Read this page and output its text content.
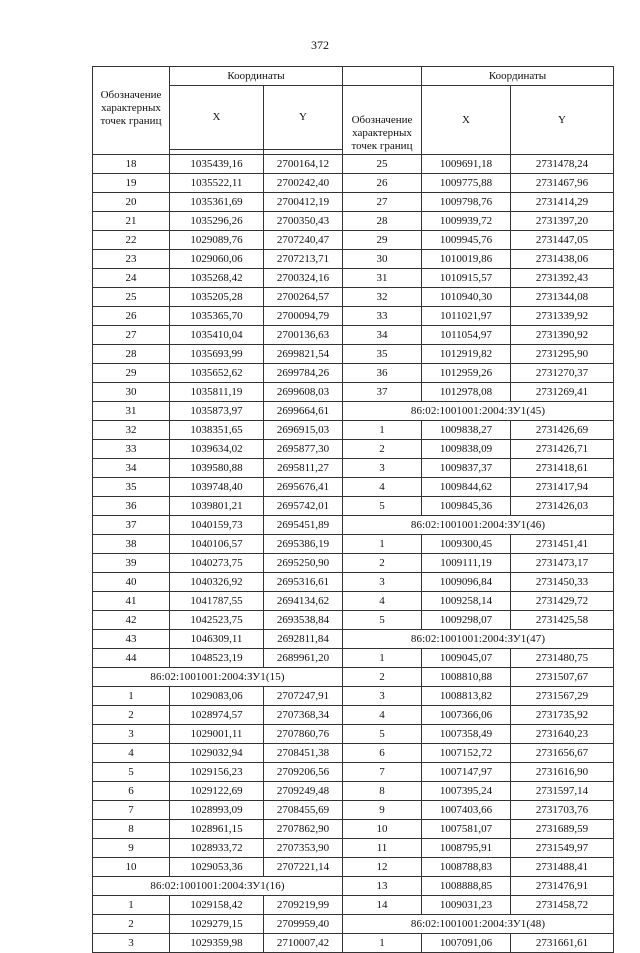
372
Обозначение
характерных
точек границ	Координаты			Координаты	
	X	Y	Обозначение
характерных
точек границ	X	Y

18	1035439,16	2700164,12	25	1009691,18	2731478,24
19	1035522,11	2700242,40	26	1009775,88	2731467,96
20	1035361,69	2700412,19	27	1009798,76	2731414,29
21	1035296,26	2700350,43	28	1009939,72	2731397,20
22	1029089,76	2707240,47	29	1009945,76	2731447,05
23	1029060,06	2707213,71	30	1010019,86	2731438,06
24	1035268,42	2700324,16	31	1010915,57	2731392,43
25	1035205,28	2700264,57	32	1010940,30	2731344,08
26	1035365,70	2700094,79	33	1011021,97	2731339,92
27	1035410,04	2700136,63	34	1011054,97	2731390,92
28	1035693,99	2699821,54	35	1012919,82	2731295,90
29	1035652,62	2699784,26	36	1012959,26	2731270,37
30	1035811,19	2699608,03	37	1012978,08	2731269,41
31	1035873,97	2699664,61	86:02:1001001:2004:ЗУ1(45)		
32	1038351,65	2696915,03	1	1009838,27	2731426,69
33	1039634,02	2695877,30	2	1009838,09	2731426,71
34	1039580,88	2695811,27	3	1009837,37	2731418,61
35	1039748,40	2695676,41	4	1009844,62	2731417,94
36	1039801,21	2695742,01	5	1009845,36	2731426,03
37	1040159,73	2695451,89	86:02:1001001:2004:ЗУ1(46)		
38	1040106,57	2695386,19	1	1009300,45	2731451,41
39	1040273,75	2695250,90	2	1009111,19	2731473,17
40	1040326,92	2695316,61	3	1009096,84	2731450,33
41	1041787,55	2694134,62	4	1009258,14	2731429,72
42	1042523,75	2693538,84	5	1009298,07	2731425,58
43	1046309,11	2692811,84	86:02:1001001:2004:ЗУ1(47)		
44	1048523,19	2689961,20	1	1009045,07	2731480,75
86:02:1001001:2004:ЗУ1(15)			2	1008810,88	2731507,67
1	1029083,06	2707247,91	3	1008813,82	2731567,29
2	1028974,57	2707368,34	4	1007366,06	2731735,92
3	1029001,11	2707860,76	5	1007358,49	2731640,23
4	1029032,94	2708451,38	6	1007152,72	2731656,67
5	1029156,23	2709206,56	7	1007147,97	2731616,90
6	1029122,69	2709249,48	8	1007395,24	2731597,14
7	1028993,09	2708455,69	9	1007403,66	2731703,76
8	1028961,15	2707862,90	10	1007581,07	2731689,59
9	1028933,72	2707353,90	11	1008795,91	2731549,97
10	1029053,36	2707221,14	12	1008788,83	2731488,41
86:02:1001001:2004:ЗУ1(16)			13	1008888,85	2731476,91
1	1029158,42	2709219,99	14	1009031,23	2731458,72
2	1029279,15	2709959,40	86:02:1001001:2004:ЗУ1(48)		
3	1029359,98	2710007,42	1	1007091,06	2731661,61
